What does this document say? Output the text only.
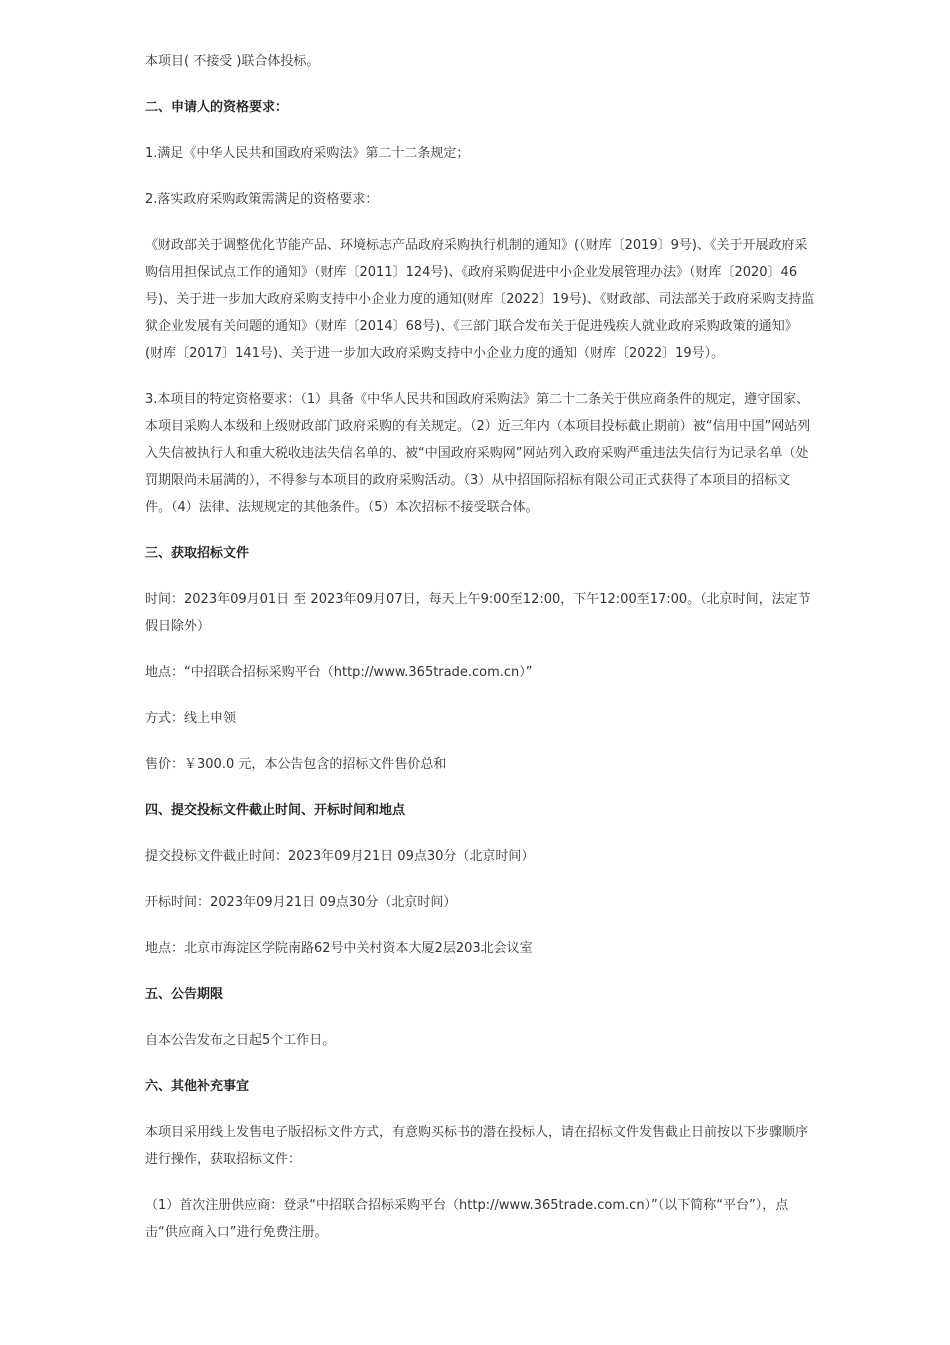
本项目( 不接受 )联合体投标。

二、申请人的资格要求：

1.满足《中华人民共和国政府采购法》第二十二条规定；

2.落实政府采购政策需满足的资格要求：

《财政部关于调整优化节能产品、环境标志产品政府采购执行机制的通知》(（财库〔2019〕9号)、《关于开展政府采购信用担保试点工作的通知》（财库〔2011〕124号)、《政府采购促进中小企业发展管理办法》（财库〔2020〕46号)、关于进一步加大政府采购支持中小企业力度的通知(财库〔2022〕19号)、《财政部、司法部关于政府采购支持监狱企业发展有关问题的通知》（财库〔2014〕68号)、《三部门联合发布关于促进残疾人就业政府采购政策的通知》(财库〔2017〕141号)、关于进一步加大政府采购支持中小企业力度的通知（财库〔2022〕19号）。

3.本项目的特定资格要求：（1）具备《中华人民共和国政府采购法》第二十二条关于供应商条件的规定，遵守国家、本项目采购人本级和上级财政部门政府采购的有关规定。（2）近三年内（本项目投标截止期前）被“信用中国”网站列入失信被执行人和重大税收违法失信名单的、被“中国政府采购网”网站列入政府采购严重违法失信行为记录名单（处罚期限尚未届满的），不得参与本项目的政府采购活动。（3）从中招国际招标有限公司正式获得了本项目的招标文件。（4）法律、法规规定的其他条件。（5）本次招标不接受联合体。

三、获取招标文件

时间：2023年09月01日 至 2023年09月07日，每天上午9:00至12:00，下午12:00至17:00。（北京时间，法定节假日除外）

地点：“中招联合招标采购平台（http://www.365trade.com.cn）”

方式：线上申领

售价：￥300.0 元，本公告包含的招标文件售价总和

四、提交投标文件截止时间、开标时间和地点

提交投标文件截止时间：2023年09月21日 09点30分（北京时间）

开标时间：2023年09月21日 09点30分（北京时间）

地点：北京市海淀区学院南路62号中关村资本大厦2层203北会议室

五、公告期限

自本公告发布之日起5个工作日。

六、其他补充事宜

本项目采用线上发售电子版招标文件方式，有意购买标书的潜在投标人，请在招标文件发售截止日前按以下步骤顺序进行操作，获取招标文件：

（1）首次注册供应商：登录“中招联合招标采购平台（http://www.365trade.com.cn）”（以下简称“平台”），点击“供应商入口”进行免费注册。
